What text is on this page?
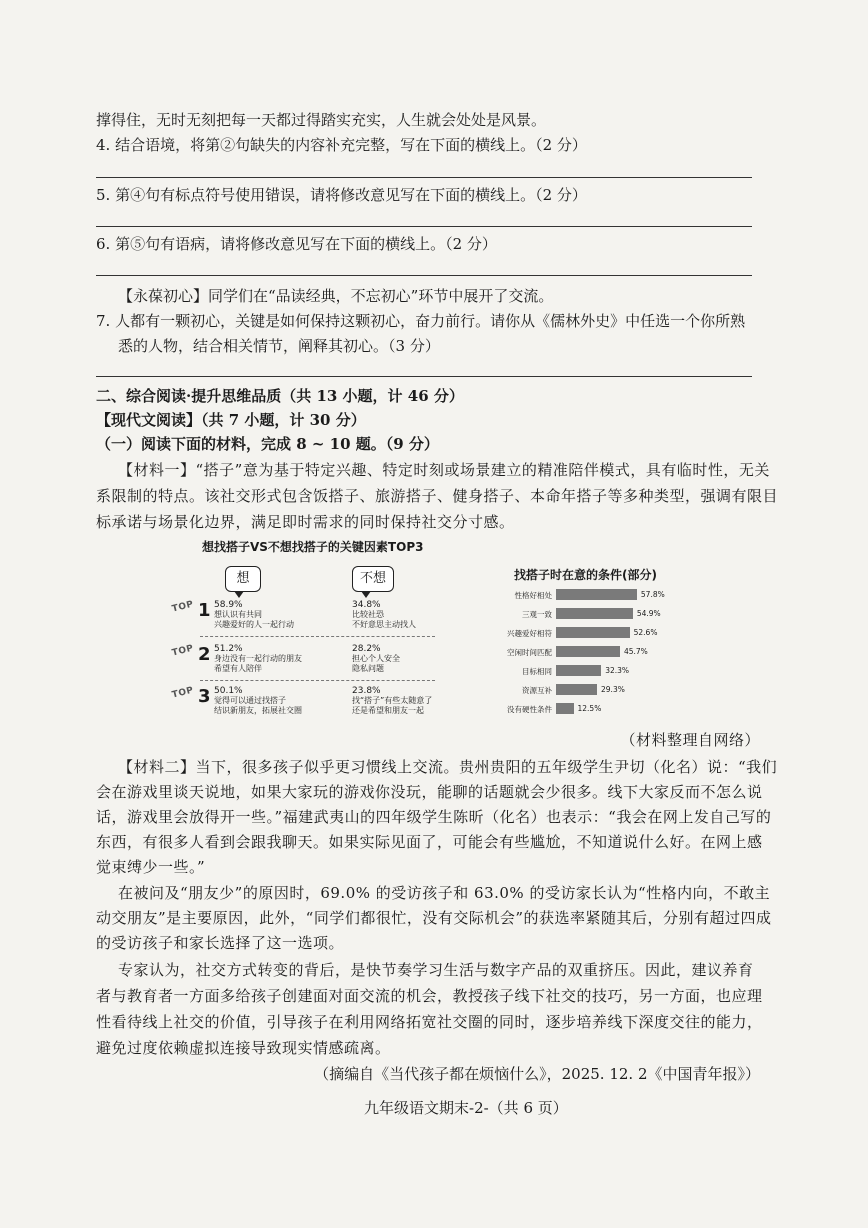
撑得住，无时无刻把每一天都过得踏实充实，人生就会处处是风景。
4. 结合语境，将第②句缺失的内容补充完整，写在下面的横线上。（2 分）
5. 第④句有标点符号使用错误，请将修改意见写在下面的横线上。（2 分）
6. 第⑤句有语病，请将修改意见写在下面的横线上。（2 分）
【永葆初心】同学们在“品读经典，不忘初心”环节中展开了交流。
7. 人都有一颗初心，关键是如何保持这颗初心，奋力前行。请你从《儒林外史》中任选一个你所熟
悉的人物，结合相关情节，阐释其初心。（3 分）
二、综合阅读·提升思维品质（共 13 小题，计 46 分）
【现代文阅读】（共 7 小题，计 30 分）
（一）阅读下面的材料，完成 8 ~ 10 题。（9 分）
【材料一】“搭子”意为基于特定兴趣、特定时刻或场景建立的精准陪伴模式，具有临时性，无关
系限制的特点。该社交形式包含饭搭子、旅游搭子、健身搭子、本命年搭子等多种类型，强调有限目
标承诺与场景化边界，满足即时需求的同时保持社交分寸感。
想找搭子VS不想找搭子的关键因素TOP3
想	不想
TOP 1 58.9%
想认识有共同
兴趣爱好的人一起行动
34.8%
比较社恐
不好意思主动找人
TOP 2 51.2%
身边没有一起行动的朋友
希望有人陪伴
28.2%
担心个人安全
隐私问题
TOP 3 50.1%
觉得可以通过找搭子
结识新朋友，拓展社交圈
23.8%
找“搭子”有些太随意了
还是希望和朋友一起
找搭子时在意的条件(部分)
性格好相处	57.8%
三观一致	54.9%
兴趣爱好相符	52.6%
空闲时间匹配	45.7%
目标相同	32.3%
资源互补	29.3%
没有硬性条件	12.5%
（材料整理自网络）
【材料二】当下，很多孩子似乎更习惯线上交流。贵州贵阳的五年级学生尹切（化名）说：“我们
会在游戏里谈天说地，如果大家玩的游戏你没玩，能聊的话题就会少很多。线下大家反而不怎么说
话，游戏里会放得开一些。”福建武夷山的四年级学生陈昕（化名）也表示：“我会在网上发自己写的
东西，有很多人看到会跟我聊天。如果实际见面了，可能会有些尴尬，不知道说什么好。在网上感
觉束缚少一些。”
在被问及“朋友少”的原因时，69.0% 的受访孩子和 63.0% 的受访家长认为“性格内向，不敢主
动交朋友”是主要原因，此外，“同学们都很忙，没有交际机会”的获选率紧随其后，分别有超过四成
的受访孩子和家长选择了这一选项。
专家认为，社交方式转变的背后，是快节奏学习生活与数字产品的双重挤压。因此，建议养育
者与教育者一方面多给孩子创建面对面交流的机会，教授孩子线下社交的技巧，另一方面，也应理
性看待线上社交的价值，引导孩子在利用网络拓宽社交圈的同时，逐步培养线下深度交往的能力，
避免过度依赖虚拟连接导致现实情感疏离。
（摘编自《当代孩子都在烦恼什么》，2025. 12. 2《中国青年报》）
九年级语文期末-2-（共 6 页）
